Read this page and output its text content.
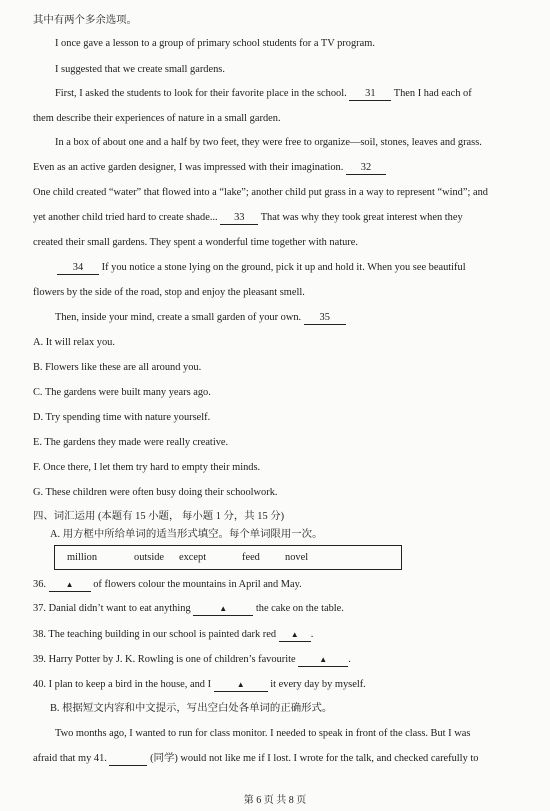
其中有两个多余选项。
I once gave a lesson to a group of primary school students for a TV program.
I suggested that we create small gardens.
First, I asked the students to look for their favorite place in the school. 31 Then I had each of
them describe their experiences of nature in a small garden.
In a box of about one and a half by two feet, they were free to organize—soil, stones, leaves and grass.
Even as an active garden designer, I was impressed with their imagination. 32
One child created “water” that flowed into a “lake”; another child put grass in a way to represent “wind”; and
yet another child tried hard to create shade... 33 That was why they took great interest when they
created their small gardens. They spent a wonderful time together with nature.
34 If you notice a stone lying on the ground, pick it up and hold it. When you see beautiful
flowers by the side of the road, stop and enjoy the pleasant smell.
Then, inside your mind, create a small garden of your own. 35
A. It will relax you.
B. Flowers like these are all around you.
C. The gardens were built many years ago.
D. Try spending time with nature yourself.
E. The gardens they made were really creative.
F. Once there, I let them try hard to empty their minds.
G. These children were often busy doing their schoolwork.
四、词汇运用 (本题有 15 小题， 每小题 1 分，共 15 分)
A. 用方框中所给单词的适当形式填空。每个单词限用一次。
million	outside except	feed novel
36. ▲ of flowers colour the mountains in April and May.
37. Danial didn’t want to eat anything	▲	the cake on the table.
38. The teaching building in our school is painted dark red ▲ .
39. Harry Potter by J. K. Rowling is one of children’s favourite	▲ .
40. I plan to keep a bird in the house, and I	▲ it every day by myself.
B. 根据短文内容和中文提示，写出空白处各单词的正确形式。
Two months ago, I wanted to run for class monitor. I needed to speak in front of the class. But I was
afraid that my 41.	(同学) would not like me if I lost. I wrote for the talk, and checked carefully to
第 6 页 共 8 页
